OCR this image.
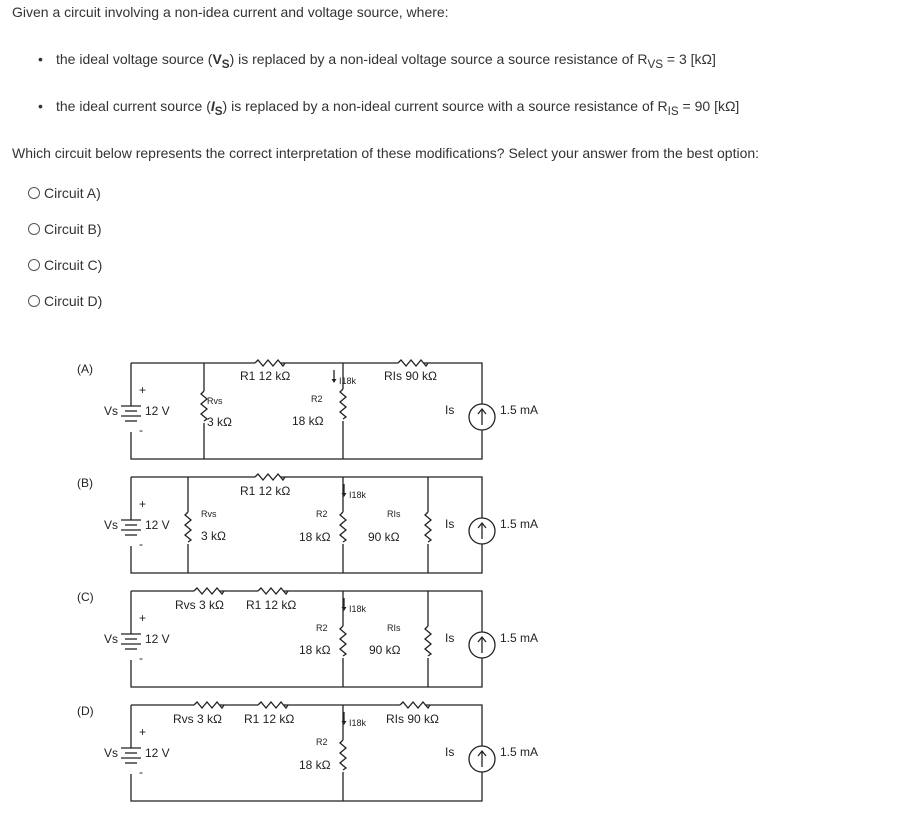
Given a circuit involving a non-idea current and voltage source, where:

• the ideal voltage source $(V_S)$ is replaced by a non-ideal voltage source a source resistance of $R_{VS} = 3$ [kΩ]
• the ideal current source $(I_S)$ is replaced by a non-ideal current source with a source resistance of $R_{IS} = 90$ [kΩ]

Which circuit below represents the correct interpretation of these modifications? Select your answer from the best option:

Circuit A)
Circuit B)
Circuit C)
Circuit D)
(A)
+
-
Vs 12 V
R1 12 kΩ
Rvs
3 kΩ
I18k
R2
18 kΩ
RIs 90 kΩ
Is	1.5 mA
(B)
+
-
Vs 12 V
R1 12 kΩ
Rvs
3 kΩ
I18k
R2
18 kΩ
RIs
90 kΩ
Is	1.5 mA
(C)
+
-
Vs 12 V
Rvs 3 kΩ R1 12 kΩ	I18k
R2
18 kΩ
RIs
90 kΩ
Is	1.5 mA
(D)
+
-
Vs 12 V
Rvs 3 kΩ R1 12 kΩ	I18k RIs 90 kΩ
R2
18 kΩ
Is	1.5 mA
